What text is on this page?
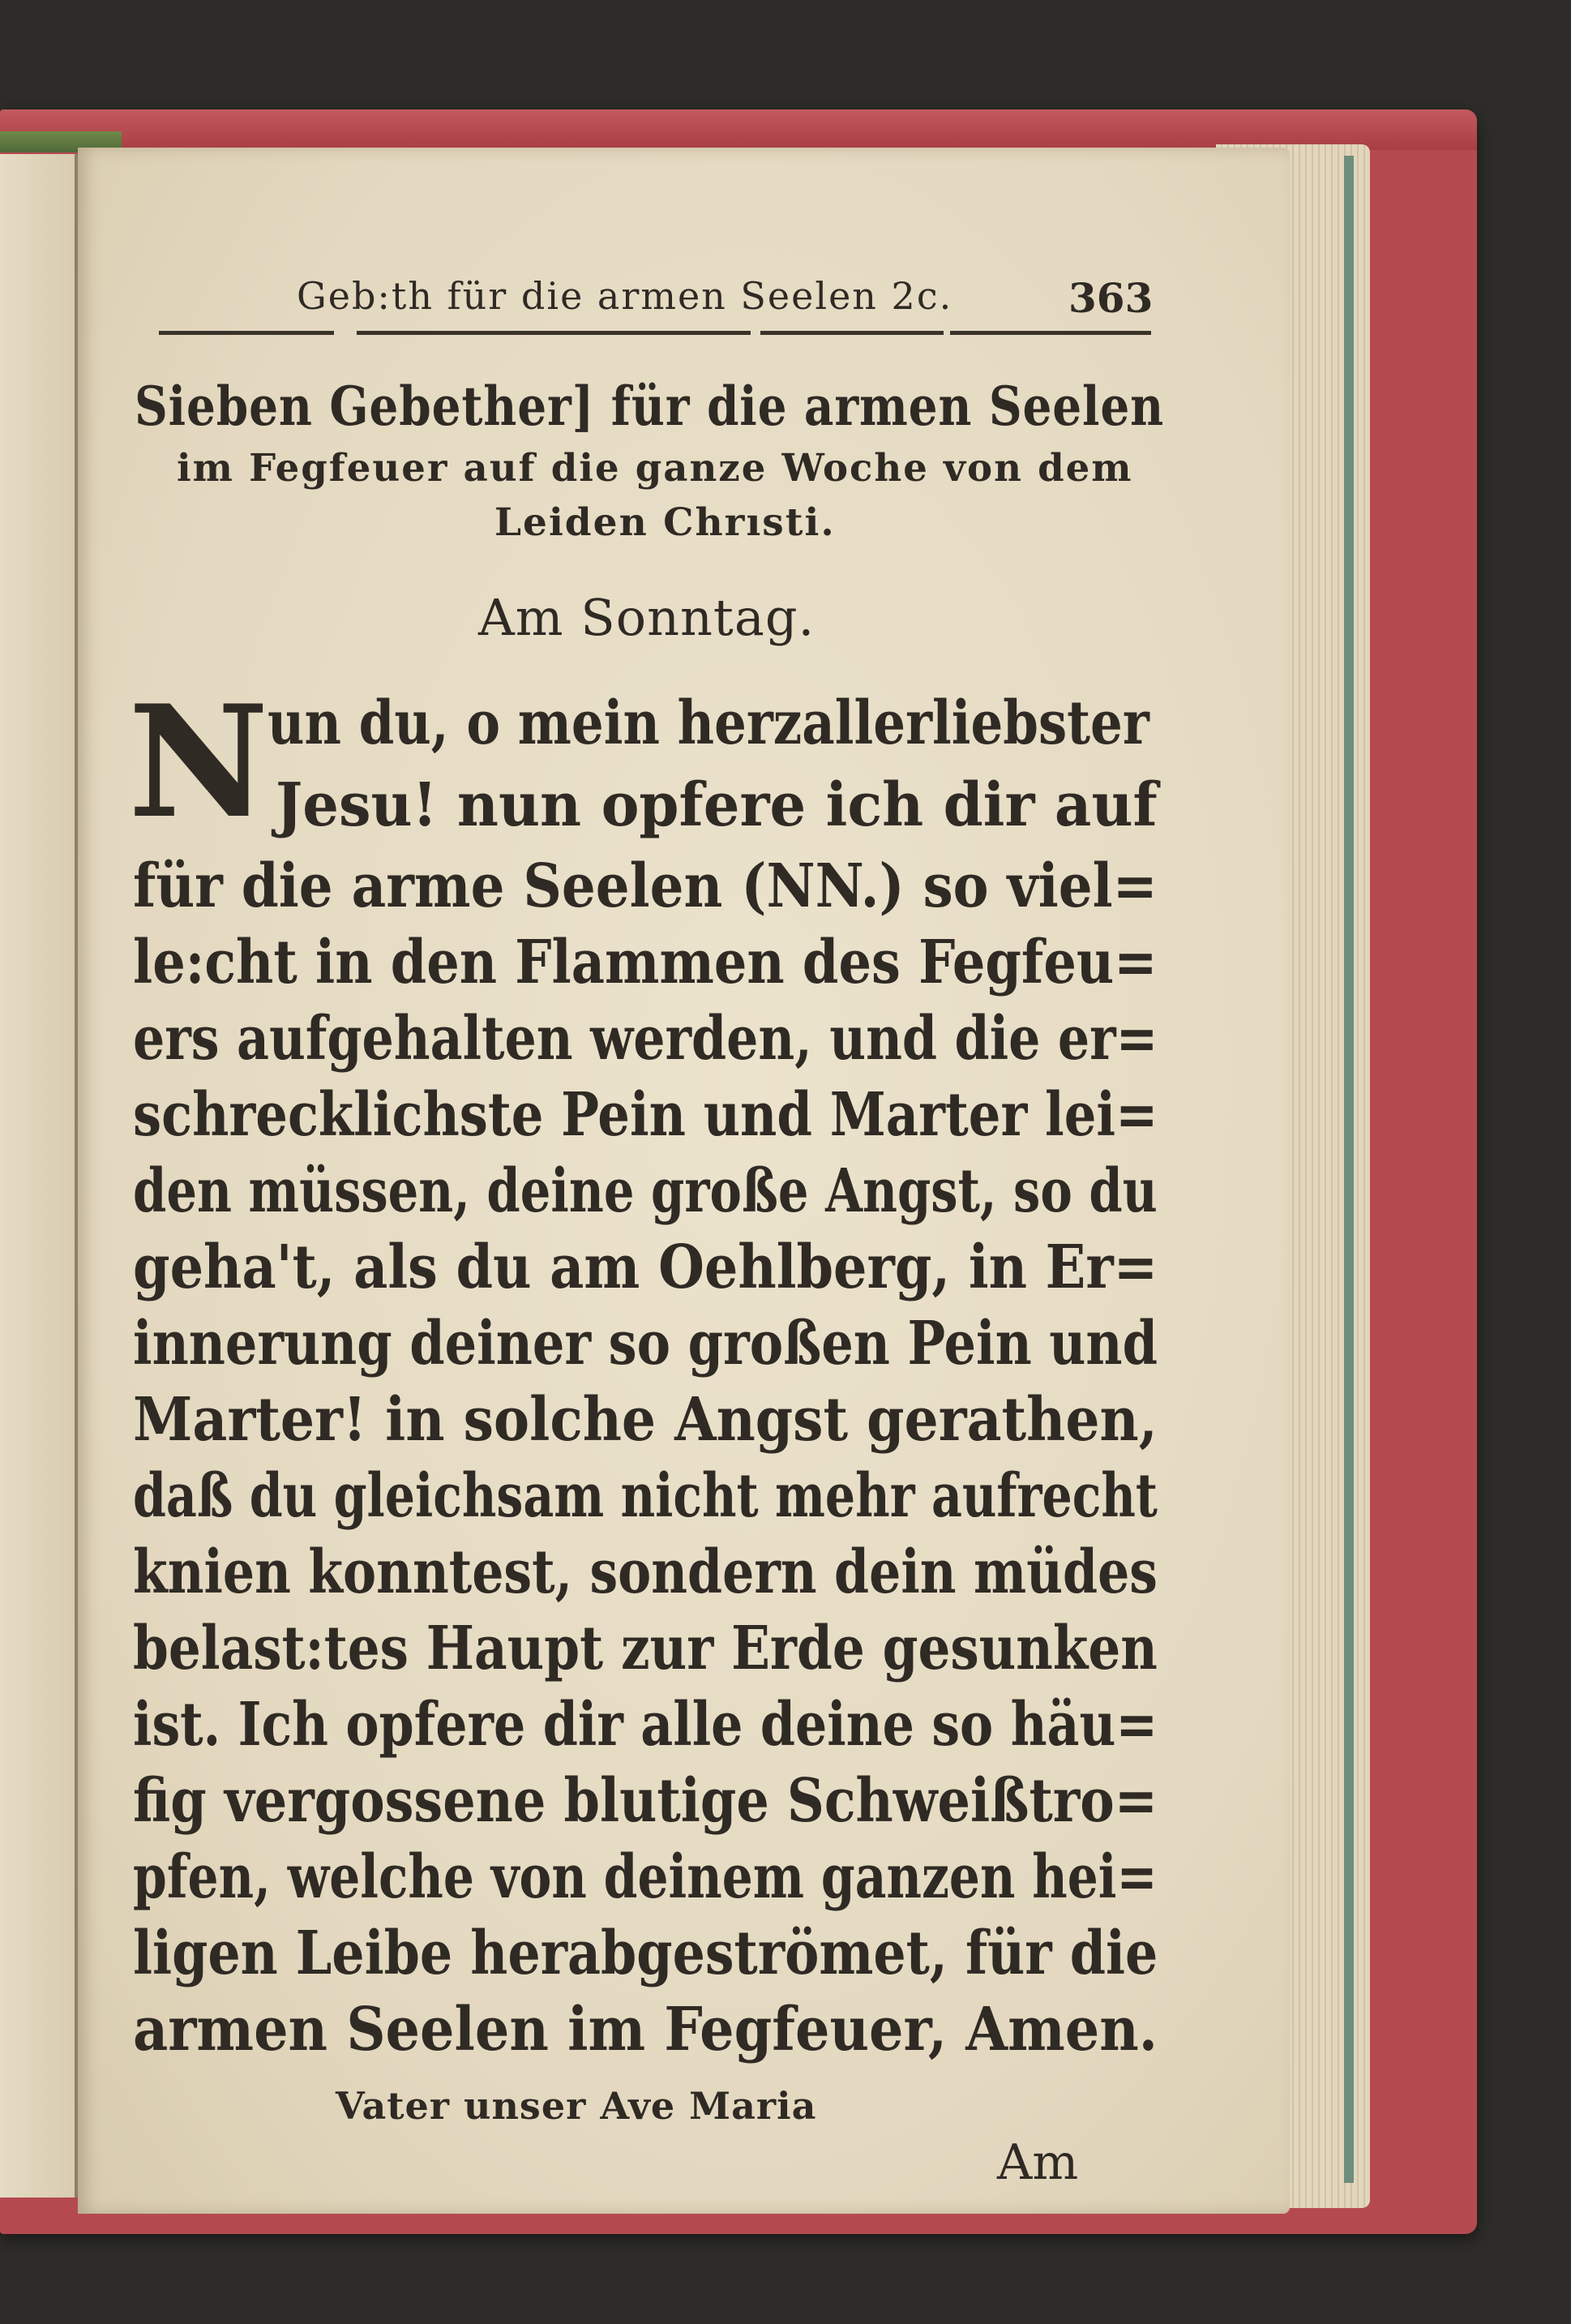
Geb:th für die armen Seelen 2c.	363
Sieben Gebether] für die armen Seelen
im Fegfeuer auf die ganze Woche von dem
Leiden Chrısti.
Am Sonntag.
N
un du, o mein herzallerliebster
Jesu! nun opfere ich dir auf
für die arme Seelen (NN.) so viel=
le:cht in den Flammen des Fegfeu=
ers aufgehalten werden, und die er=
schrecklichste Pein und Marter lei=
den müssen, deine große Angst, so du
geha't, als du am Oehlberg, in Er=
innerung deiner so großen Pein und
Marter! in solche Angst gerathen,
daß du gleichsam nicht mehr aufrecht
knien konntest, sondern dein müdes
belast:tes Haupt zur Erde gesunken
ist. Ich opfere dir alle deine so häu=
fig vergossene blutige Schweißtro=
pfen, welche von deinem ganzen hei=
ligen Leibe herabgeströmet, für die
Vater unser Ave Maria
Am
armen Seelen im Fegfeuer, Amen.
